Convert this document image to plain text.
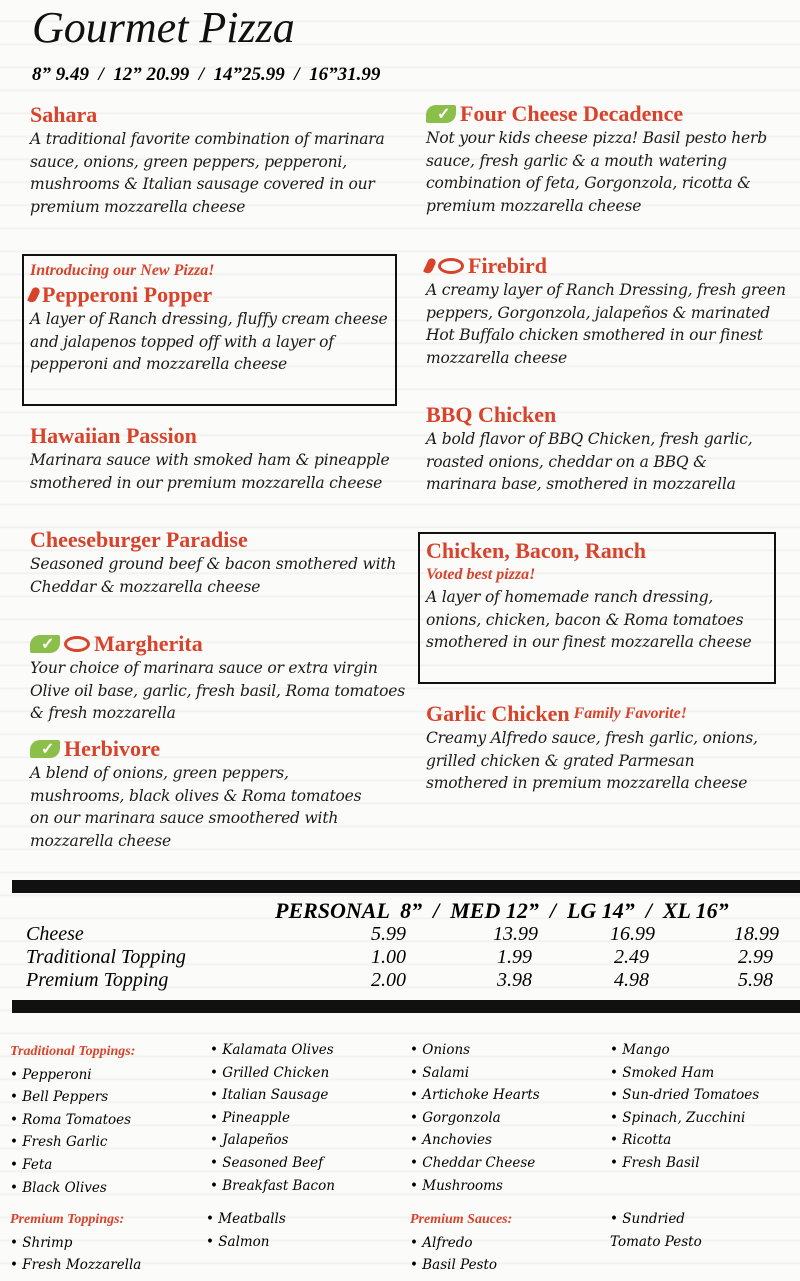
Gourmet Pizza
8” 9.49  /  12” 20.99  /  14”25.99  /  16”31.99
Sahara
A traditional favorite combination of marinara sauce, onions, green peppers, pepperoni, mushrooms & Italian sausage covered in our premium mozzarella cheese
Introducing our New Pizza!
Pepperoni Popper
A layer of Ranch dressing, fluffy cream cheese and jalapenos topped off with a layer of pepperoni and mozzarella cheese
Hawaiian Passion
Marinara sauce with smoked ham & pineapple smothered in our premium mozzarella cheese
Cheeseburger Paradise
Seasoned ground beef & bacon smothered with Cheddar & mozzarella cheese
✓
Margherita
Your choice of marinara sauce or extra virgin Olive oil base, garlic, fresh basil, Roma tomatoes & fresh mozzarella
✓
Herbivore
A blend of onions, green peppers, mushrooms, black olives & Roma tomatoes on our marinara sauce smoothered with mozzarella cheese
✓
Four Cheese Decadence
Not your kids cheese pizza! Basil pesto herb sauce, fresh garlic & a mouth watering combination of feta, Gorgonzola, ricotta & premium mozzarella cheese
Firebird
A creamy layer of Ranch Dressing, fresh green peppers, Gorgonzola, jalapeños & marinated Hot Buffalo chicken smothered in our finest mozzarella cheese
BBQ Chicken
A bold flavor of BBQ Chicken, fresh garlic, roasted onions, cheddar on a BBQ & marinara base, smothered in mozzarella
Chicken, Bacon, Ranch
Voted best pizza!
A layer of homemade ranch dressing, onions, chicken, bacon & Roma tomatoes smothered in our finest mozzarella cheese
Garlic Chicken Family Favorite!
Creamy Alfredo sauce, fresh garlic, onions, grilled chicken & grated Parmesan smothered in premium mozzarella cheese
PERSONAL  8”  /  MED 12”  /  LG 14”  /  XL 16”
Cheese	5.99	13.99	16.99	18.99
Traditional Topping	1.00	1.99	2.49	2.99
Premium Topping	2.00	3.98	4.98	5.98
Traditional Toppings:
• Pepperoni
• Bell Peppers
• Roma Tomatoes
• Fresh Garlic
• Feta
• Black Olives
• Kalamata Olives
• Grilled Chicken
• Italian Sausage
• Pineapple
• Jalapeños
• Seasoned Beef
• Breakfast Bacon
• Onions
• Salami
• Artichoke Hearts
• Gorgonzola
• Anchovies
• Cheddar Cheese
• Mushrooms
• Mango
• Smoked Ham
• Sun-dried Tomatoes
• Spinach, Zucchini
• Ricotta
• Fresh Basil
Premium Toppings:
• Shrimp
• Fresh Mozzarella
• Meatballs
• Salmon
Premium Sauces:
• Alfredo
• Basil Pesto
• Sundried
Tomato Pesto
